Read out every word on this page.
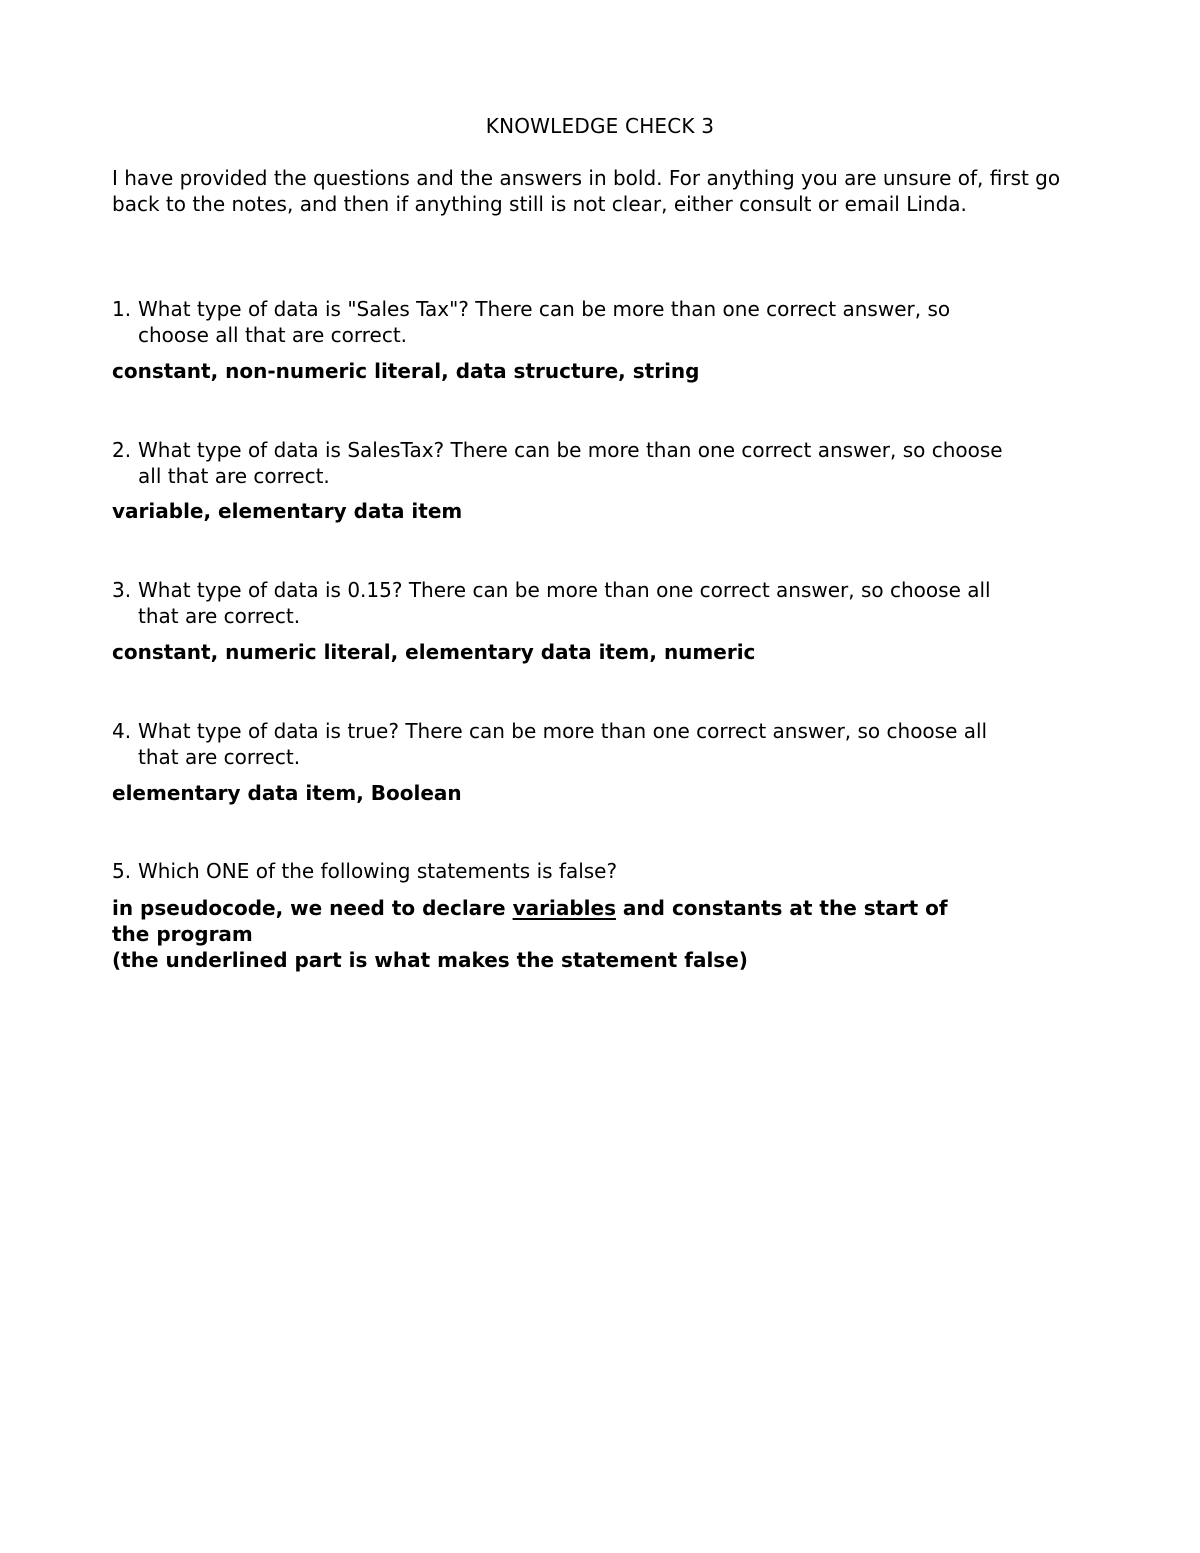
KNOWLEDGE CHECK 3
I have provided the questions and the answers in bold. For anything you are unsure of, first go back to the notes, and then if anything still is not clear, either consult or email Linda.
1. What type of data is "Sales Tax"? There can be more than one correct answer, so
choose all that are correct.
constant, non-numeric literal, data structure, string
2. What type of data is SalesTax? There can be more than one correct answer, so choose
all that are correct.
variable, elementary data item
3. What type of data is 0.15? There can be more than one correct answer, so choose all
that are correct.
constant, numeric literal, elementary data item, numeric
4. What type of data is true? There can be more than one correct answer, so choose all
that are correct.
elementary data item, Boolean
5. Which ONE of the following statements is false?
in pseudocode, we need to declare variables and constants at the start of
the program
(the underlined part is what makes the statement false)
